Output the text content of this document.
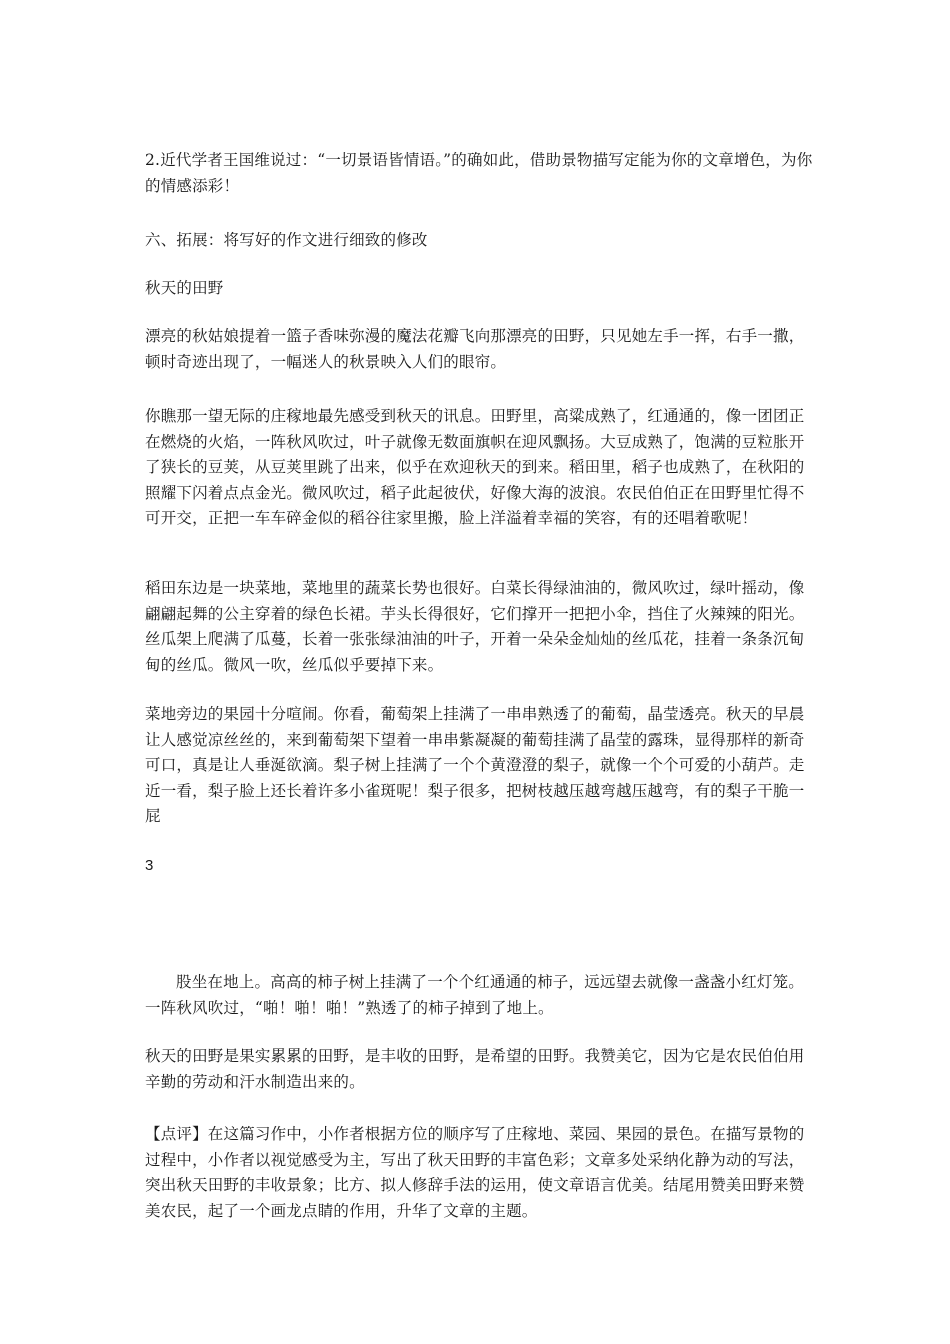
2.近代学者王国维说过：“一切景语皆情语。”的确如此，借助景物描写定能为你的文章增色，为你的情感添彩！

六、拓展：将写好的作文进行细致的修改

秋天的田野

漂亮的秋姑娘提着一篮子香味弥漫的魔法花瓣飞向那漂亮的田野，只见她左手一挥，右手一撒，顿时奇迹出现了，一幅迷人的秋景映入人们的眼帘。

你瞧那一望无际的庄稼地最先感受到秋天的讯息。田野里，高粱成熟了，红通通的，像一团团正在燃烧的火焰，一阵秋风吹过，叶子就像无数面旗帜在迎风飘扬。大豆成熟了，饱满的豆粒胀开了狭长的豆荚，从豆荚里跳了出来，似乎在欢迎秋天的到来。稻田里，稻子也成熟了，在秋阳的照耀下闪着点点金光。微风吹过，稻子此起彼伏，好像大海的波浪。农民伯伯正在田野里忙得不可开交，正把一车车碎金似的稻谷往家里搬，脸上洋溢着幸福的笑容，有的还唱着歌呢！

稻田东边是一块菜地，菜地里的蔬菜长势也很好。白菜长得绿油油的，微风吹过，绿叶摇动，像翩翩起舞的公主穿着的绿色长裙。芋头长得很好，它们撑开一把把小伞，挡住了火辣辣的阳光。丝瓜架上爬满了瓜蔓，长着一张张绿油油的叶子，开着一朵朵金灿灿的丝瓜花，挂着一条条沉甸甸的丝瓜。微风一吹，丝瓜似乎要掉下来。

菜地旁边的果园十分喧闹。你看，葡萄架上挂满了一串串熟透了的葡萄，晶莹透亮。秋天的早晨让人感觉凉丝丝的，来到葡萄架下望着一串串紫凝凝的葡萄挂满了晶莹的露珠，显得那样的新奇可口，真是让人垂涎欲滴。梨子树上挂满了一个个黄澄澄的梨子，就像一个个可爱的小葫芦。走近一看，梨子脸上还长着许多小雀斑呢！梨子很多，把树枝越压越弯越压越弯，有的梨子干脆一屁

3

股坐在地上。高高的柿子树上挂满了一个个红通通的柿子，远远望去就像一盏盏小红灯笼。一阵秋风吹过，“啪！啪！啪！”熟透了的柿子掉到了地上。

秋天的田野是果实累累的田野，是丰收的田野，是希望的田野。我赞美它，因为它是农民伯伯用辛勤的劳动和汗水制造出来的。

【点评】在这篇习作中，小作者根据方位的顺序写了庄稼地、菜园、果园的景色。在描写景物的过程中，小作者以视觉感受为主，写出了秋天田野的丰富色彩；文章多处采纳化静为动的写法，突出秋天田野的丰收景象；比方、拟人修辞手法的运用，使文章语言优美。结尾用赞美田野来赞美农民，起了一个画龙点睛的作用，升华了文章的主题。
